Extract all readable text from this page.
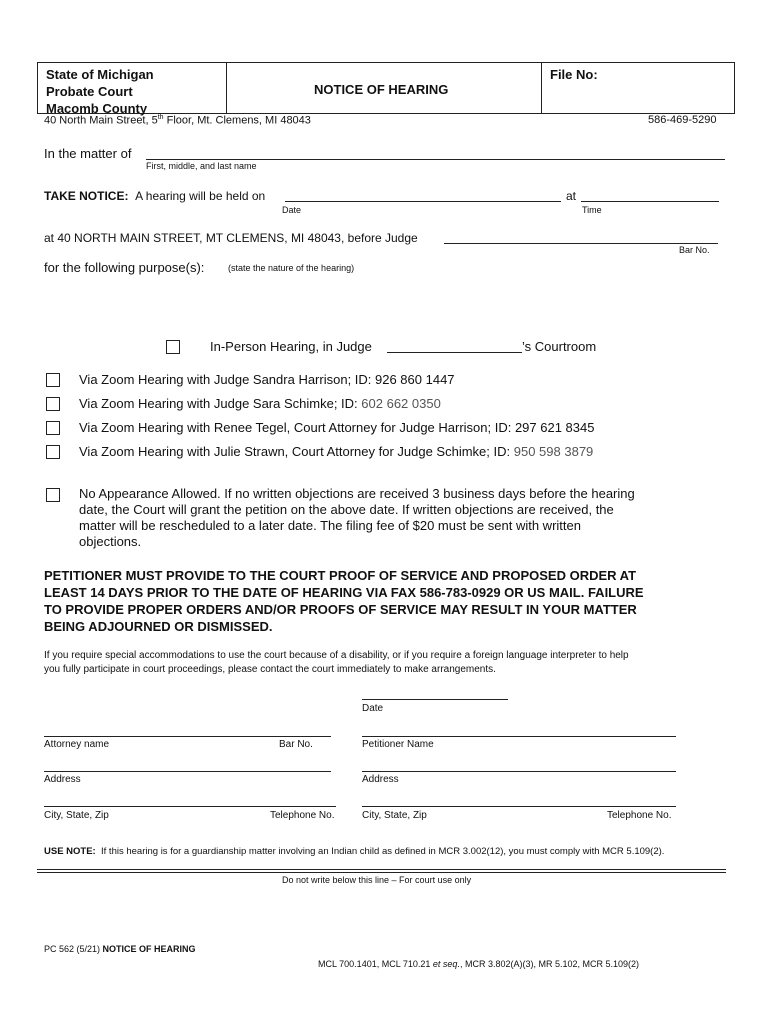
State of Michigan
Probate Court
Macomb County
NOTICE OF HEARING
File No:
40 North Main Street, 5th Floor, Mt. Clemens, MI 48043	586-469-5290
In the matter of
First, middle, and last name
TAKE NOTICE: A hearing will be held on	at
Date	Time
at 40 NORTH MAIN STREET, MT CLEMENS, MI 48043, before Judge
Bar No.
for the following purpose(s):	(state the nature of the hearing)
In-Person Hearing, in Judge	’s Courtroom
Via Zoom Hearing with Judge Sandra Harrison; ID: 926 860 1447
Via Zoom Hearing with Judge Sara Schimke; ID: 602 662 0350
Via Zoom Hearing with Renee Tegel, Court Attorney for Judge Harrison; ID: 297 621 8345
Via Zoom Hearing with Julie Strawn, Court Attorney for Judge Schimke; ID: 950 598 3879
No Appearance Allowed. If no written objections are received 3 business days before the hearing
date, the Court will grant the petition on the above date. If written objections are received, the
matter will be rescheduled to a later date. The filing fee of $20 must be sent with written
objections.
PETITIONER MUST PROVIDE TO THE COURT PROOF OF SERVICE AND PROPOSED ORDER AT
LEAST 14 DAYS PRIOR TO THE DATE OF HEARING VIA FAX 586-783-0929 OR US MAIL. FAILURE
TO PROVIDE PROPER ORDERS AND/OR PROOFS OF SERVICE MAY RESULT IN YOUR MATTER
BEING ADJOURNED OR DISMISSED.
If you require special accommodations to use the court because of a disability, or if you require a foreign language interpreter to help
you fully participate in court proceedings, please contact the court immediately to make arrangements.
Date
Attorney name	Bar No.	Petitioner Name
Address	Address
City, State, Zip	Telephone No.	City, State, Zip	Telephone No.
USE NOTE: If this hearing is for a guardianship matter involving an Indian child as defined in MCR 3.002(12), you must comply with MCR 5.109(2).
Do not write below this line – For court use only
PC 562 (5/21) NOTICE OF HEARING
MCL 700.1401, MCL 710.21 et seq., MCR 3.802(A)(3), MR 5.102, MCR 5.109(2)
